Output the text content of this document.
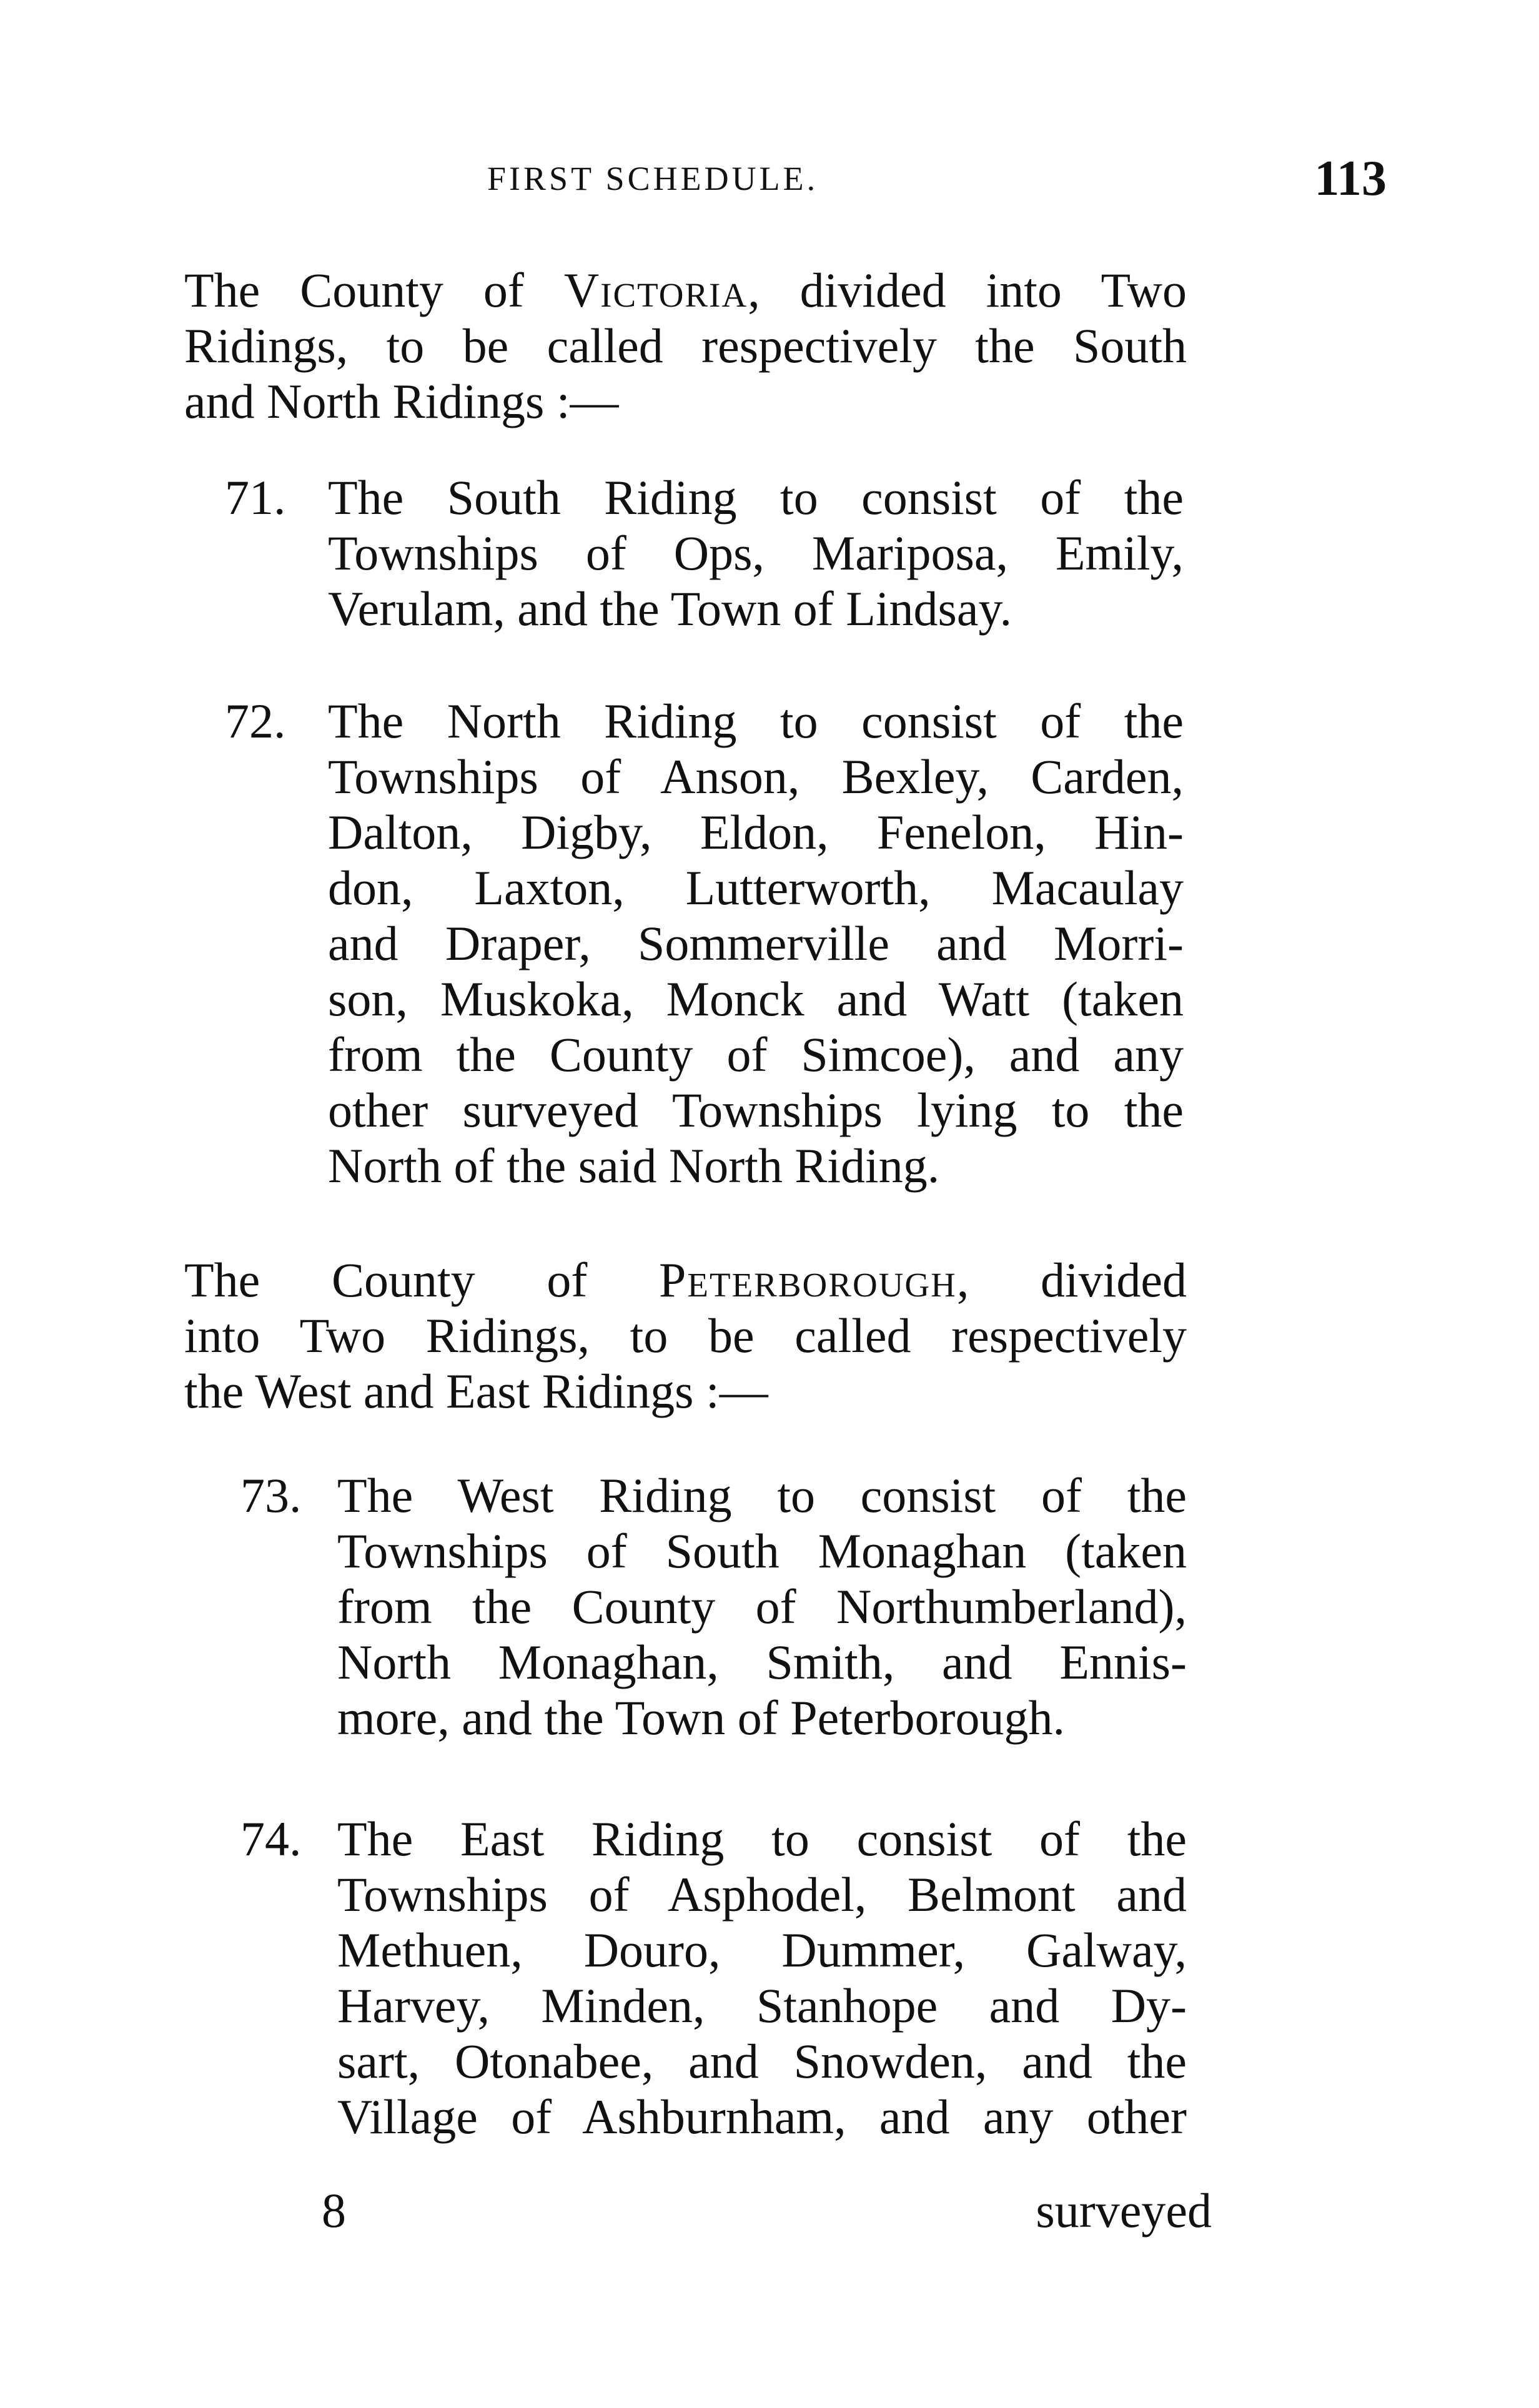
FIRST SCHEDULE.	113
The County of Victoria, divided into Two
Ridings, to be called respectively the South
and North Ridings :—
71. The South Riding to consist of the
Townships of Ops, Mariposa, Emily,
Verulam, and the Town of Lindsay.
72. The North Riding to consist of the
Townships of Anson, Bexley, Carden,
Dalton, Digby, Eldon, Fenelon, Hin-
don, Laxton, Lutterworth, Macaulay
and Draper, Sommerville and Morri-
son, Muskoka, Monck and Watt (taken
from the County of Simcoe), and any
other surveyed Townships lying to the
North of the said North Riding.
The County of Peterborough, divided
into Two Ridings, to be called respectively
the West and East Ridings :—
73. The West Riding to consist of the
Townships of South Monaghan (taken
from the County of Northumberland),
North Monaghan, Smith, and Ennis-
more, and the Town of Peterborough.
74. The East Riding to consist of the
Townships of Asphodel, Belmont and
Methuen, Douro, Dummer, Galway,
Harvey, Minden, Stanhope and Dy-
sart, Otonabee, and Snowden, and the
Village of Ashburnham, and any other
8	surveyed
